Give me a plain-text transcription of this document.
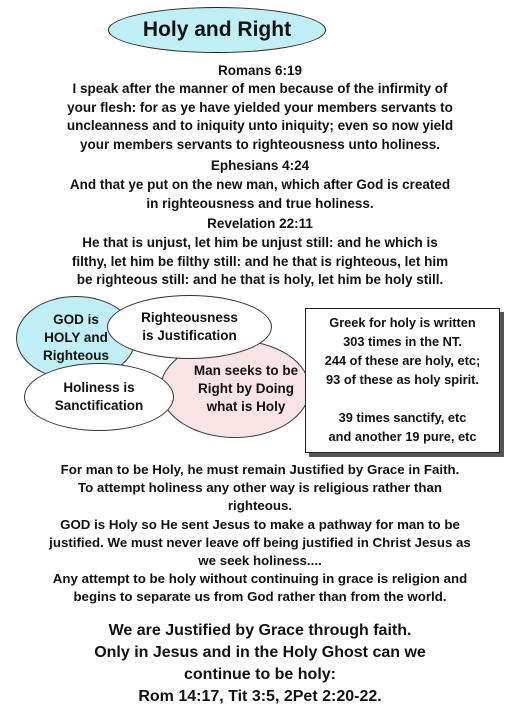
Holy and Right
Romans 6:19
I speak after the manner of men because of the infirmity of
your flesh: for as ye have yielded your members servants to
uncleanness and to iniquity unto iniquity; even so now yield
your members servants to righteousness unto holiness.
Ephesians 4:24
And that ye put on the new man, which after God is created
in righteousness and true holiness.
Revelation 22:11
He that is unjust, let him be unjust still: and he which is
filthy, let him be filthy still: and he that is righteous, let him
be righteous still: and he that is holy, let him be holy still.
GOD is
HOLY and
Righteous
Man seeks to be
Right by Doing
what is Holy
Righteousness
is Justification
Holiness is
Sanctification
Greek for holy is written
303 times in the NT.
244 of these are holy, etc;
93 of these as holy spirit.
39 times sanctify, etc
and another 19 pure, etc
For man to be Holy, he must remain Justified by Grace in Faith.
To attempt holiness any other way is religious rather than
righteous.
GOD is Holy so He sent Jesus to make a pathway for man to be
justified. We must never leave off being justified in Christ Jesus as
we seek holiness....
Any attempt to be holy without continuing in grace is religion and
begins to separate us from God rather than from the world.
We are Justified by Grace through faith.
Only in Jesus and in the Holy Ghost can we
continue to be holy:
Rom 14:17, Tit 3:5, 2Pet 2:20-22.
